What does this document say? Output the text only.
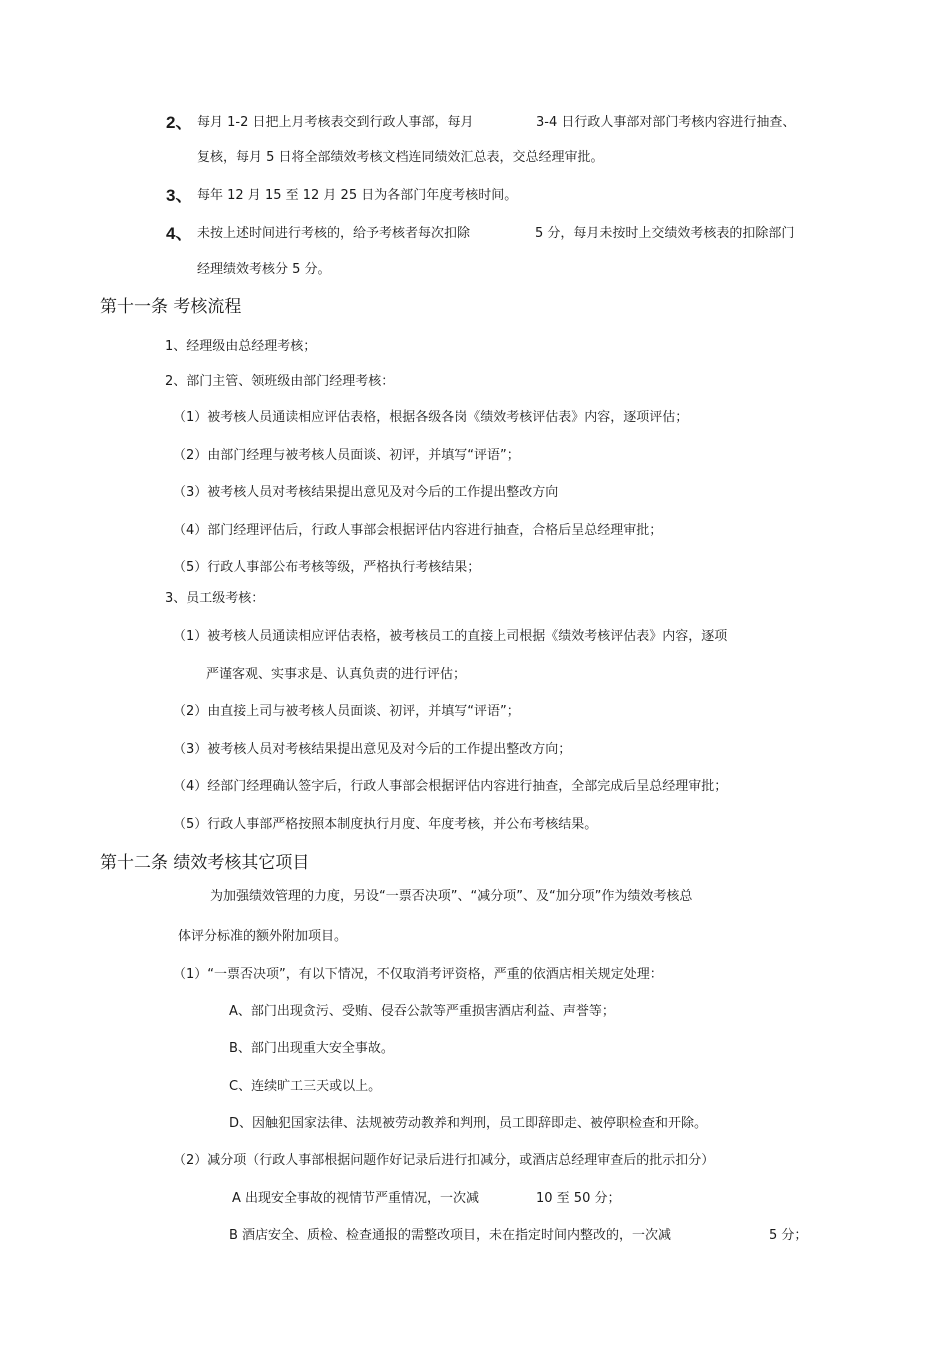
2、 每月 1-2 日把上月考核表交到行政人事部，每月	3-4 日行政人事部对部门考核内容进行抽查、
复核，每月 5 日将全部绩效考核文档连同绩效汇总表，交总经理审批。
3、 每年 12 月 15 至 12 月 25 日为各部门年度考核时间。
4、 未按上述时间进行考核的，给予考核者每次扣除	5 分，每月未按时上交绩效考核表的扣除部门
经理绩效考核分 5 分。
第十一条 考核流程
1、经理级由总经理考核；
2、部门主管、领班级由部门经理考核：
（1）被考核人员通读相应评估表格，根据各级各岗《绩效考核评估表》内容，逐项评估；
（2）由部门经理与被考核人员面谈、初评，并填写“评语”；
（3）被考核人员对考核结果提出意见及对今后的工作提出整改方向
（4）部门经理评估后，行政人事部会根据评估内容进行抽查，合格后呈总经理审批；
（5）行政人事部公布考核等级，严格执行考核结果；
3、员工级考核：
（1）被考核人员通读相应评估表格，被考核员工的直接上司根据《绩效考核评估表》内容，逐项
严谨客观、实事求是、认真负责的进行评估；
（2）由直接上司与被考核人员面谈、初评，并填写“评语”；
（3）被考核人员对考核结果提出意见及对今后的工作提出整改方向；
（4）经部门经理确认签字后，行政人事部会根据评估内容进行抽查，全部完成后呈总经理审批；
（5）行政人事部严格按照本制度执行月度、年度考核，并公布考核结果。
第十二条 绩效考核其它项目
为加强绩效管理的力度，另设“一票否决项”、“减分项”、及“加分项”作为绩效考核总
体评分标准的额外附加项目。
（1）“一票否决项”，有以下情况，不仅取消考评资格，严重的依酒店相关规定处理：
A、部门出现贪污、受贿、侵吞公款等严重损害酒店利益、声誉等；
B、部门出现重大安全事故。
C、连续旷工三天或以上。
D、因触犯国家法律、法规被劳动教养和判刑，员工即辞即走、被停职检查和开除。
（2）减分项（行政人事部根据问题作好记录后进行扣减分，或酒店总经理审查后的批示扣分）
A 出现安全事故的视情节严重情况，一次减	10 至 50 分；
B 酒店安全、质检、检查通报的需整改项目，未在指定时间内整改的，一次减	5 分；
